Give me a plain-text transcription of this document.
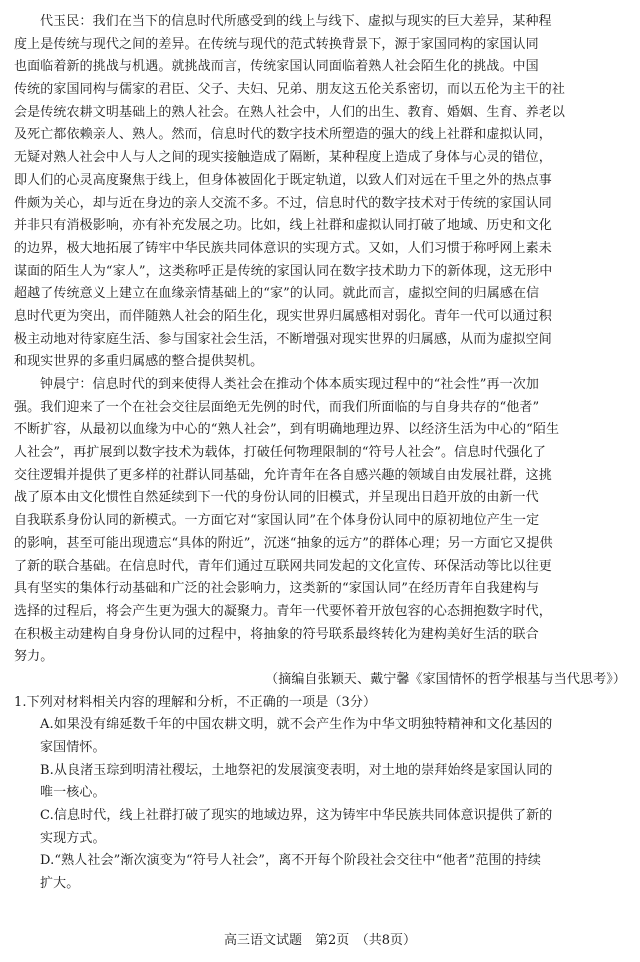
代玉民：我们在当下的信息时代所感受到的线上与线下、虚拟与现实的巨大差异，某种程
度上是传统与现代之间的差异。在传统与现代的范式转换背景下，源于家国同构的家国认同
也面临着新的挑战与机遇。就挑战而言，传统家国认同面临着熟人社会陌生化的挑战。中国
传统的家国同构与儒家的君臣、父子、夫妇、兄弟、朋友这五伦关系密切，而以五伦为主干的社
会是传统农耕文明基础上的熟人社会。在熟人社会中，人们的出生、教育、婚姻、生育、养老以
及死亡都依赖亲人、熟人。然而，信息时代的数字技术所塑造的强大的线上社群和虚拟认同，
无疑对熟人社会中人与人之间的现实接触造成了隔断，某种程度上造成了身体与心灵的错位，
即人们的心灵高度聚焦于线上，但身体被固化于既定轨道，以致人们对远在千里之外的热点事
件颇为关心，却与近在身边的亲人交流不多。不过，信息时代的数字技术对于传统的家国认同
并非只有消极影响，亦有补充发展之功。比如，线上社群和虚拟认同打破了地域、历史和文化
的边界，极大地拓展了铸牢中华民族共同体意识的实现方式。又如，人们习惯于称呼网上素未
谋面的陌生人为“家人”，这类称呼正是传统的家国认同在数字技术助力下的新体现，这无形中
超越了传统意义上建立在血缘亲情基础上的“家”的认同。就此而言，虚拟空间的归属感在信
息时代更为突出，而伴随熟人社会的陌生化，现实世界归属感相对弱化。青年一代可以通过积
极主动地对待家庭生活、参与国家社会生活，不断增强对现实世界的归属感，从而为虚拟空间
和现实世界的多重归属感的整合提供契机。
钟晨宁：信息时代的到来使得人类社会在推动个体本质实现过程中的“社会性”再一次加
强。我们迎来了一个在社会交往层面绝无先例的时代，而我们所面临的与自身共存的“他者”
不断扩容，从最初以血缘为中心的“熟人社会”，到有明确地理边界、以经济生活为中心的“陌生
人社会”，再扩展到以数字技术为载体，打破任何物理限制的“符号人社会”。信息时代强化了
交往逻辑并提供了更多样的社群认同基础，允许青年在各自感兴趣的领域自由发展社群，这挑
战了原本由文化惯性自然延续到下一代的身份认同的旧模式，并呈现出日趋开放的由新一代
自我联系身份认同的新模式。一方面它对“家国认同”在个体身份认同中的原初地位产生一定
的影响，甚至可能出现遗忘“具体的附近”，沉迷“抽象的远方”的群体心理；另一方面它又提供
了新的联合基础。在信息时代，青年们通过互联网共同发起的文化宣传、环保活动等比以往更
具有坚实的集体行动基础和广泛的社会影响力，这类新的“家国认同”在经历青年自我建构与
选择的过程后，将会产生更为强大的凝聚力。青年一代要怀着开放包容的心态拥抱数字时代，
在积极主动建构自身身份认同的过程中，将抽象的符号联系最终转化为建构美好生活的联合
努力。
（摘编自张颖天、戴宁馨《家国情怀的哲学根基与当代思考》）
1.下列对材料相关内容的理解和分析，不正确的一项是（3分）
A.如果没有绵延数千年的中国农耕文明，就不会产生作为中华文明独特精神和文化基因的
家国情怀。
B.从良渚玉琮到明清社稷坛，土地祭祀的发展演变表明，对土地的崇拜始终是家国认同的
唯一核心。
C.信息时代，线上社群打破了现实的地域边界，这为铸牢中华民族共同体意识提供了新的
实现方式。
D.“熟人社会”渐次演变为“符号人社会”，离不开每个阶段社会交往中“他者”范围的持续
扩大。
高三语文试题　第2页　（共8页）
